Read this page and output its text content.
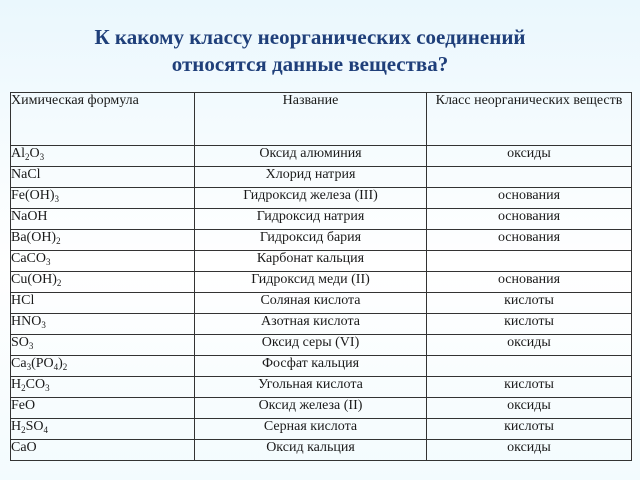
К какому классу неорганических соединений
относятся данные вещества?
Химическая формула	Название	Класс неорганических веществ
$Al_2O_3$	Оксид алюминия	оксиды
NaCl	Хлорид натрия	
$Fe(OH)_3$	Гидроксид железа (III)	основания
NaOH	Гидроксид натрия	основания
$Ba(OH)_2$	Гидроксид бария	основания
CaCO$_3$	Карбонат кальция	
$Cu(OH)_2$	Гидроксид меди (II)	основания
HCl	Соляная кислота	кислоты
$HNO_3$	Азотная кислота	кислоты
$SO_3$	Оксид серы (VI)	оксиды
$Ca_3(PO_4)_2$	Фосфат кальция	
$H_2CO_3$	Угольная кислота	кислоты
FeO	Оксид железа (II)	оксиды
$H_2SO_4$	Серная кислота	кислоты
CaO	Оксид кальция	оксиды
